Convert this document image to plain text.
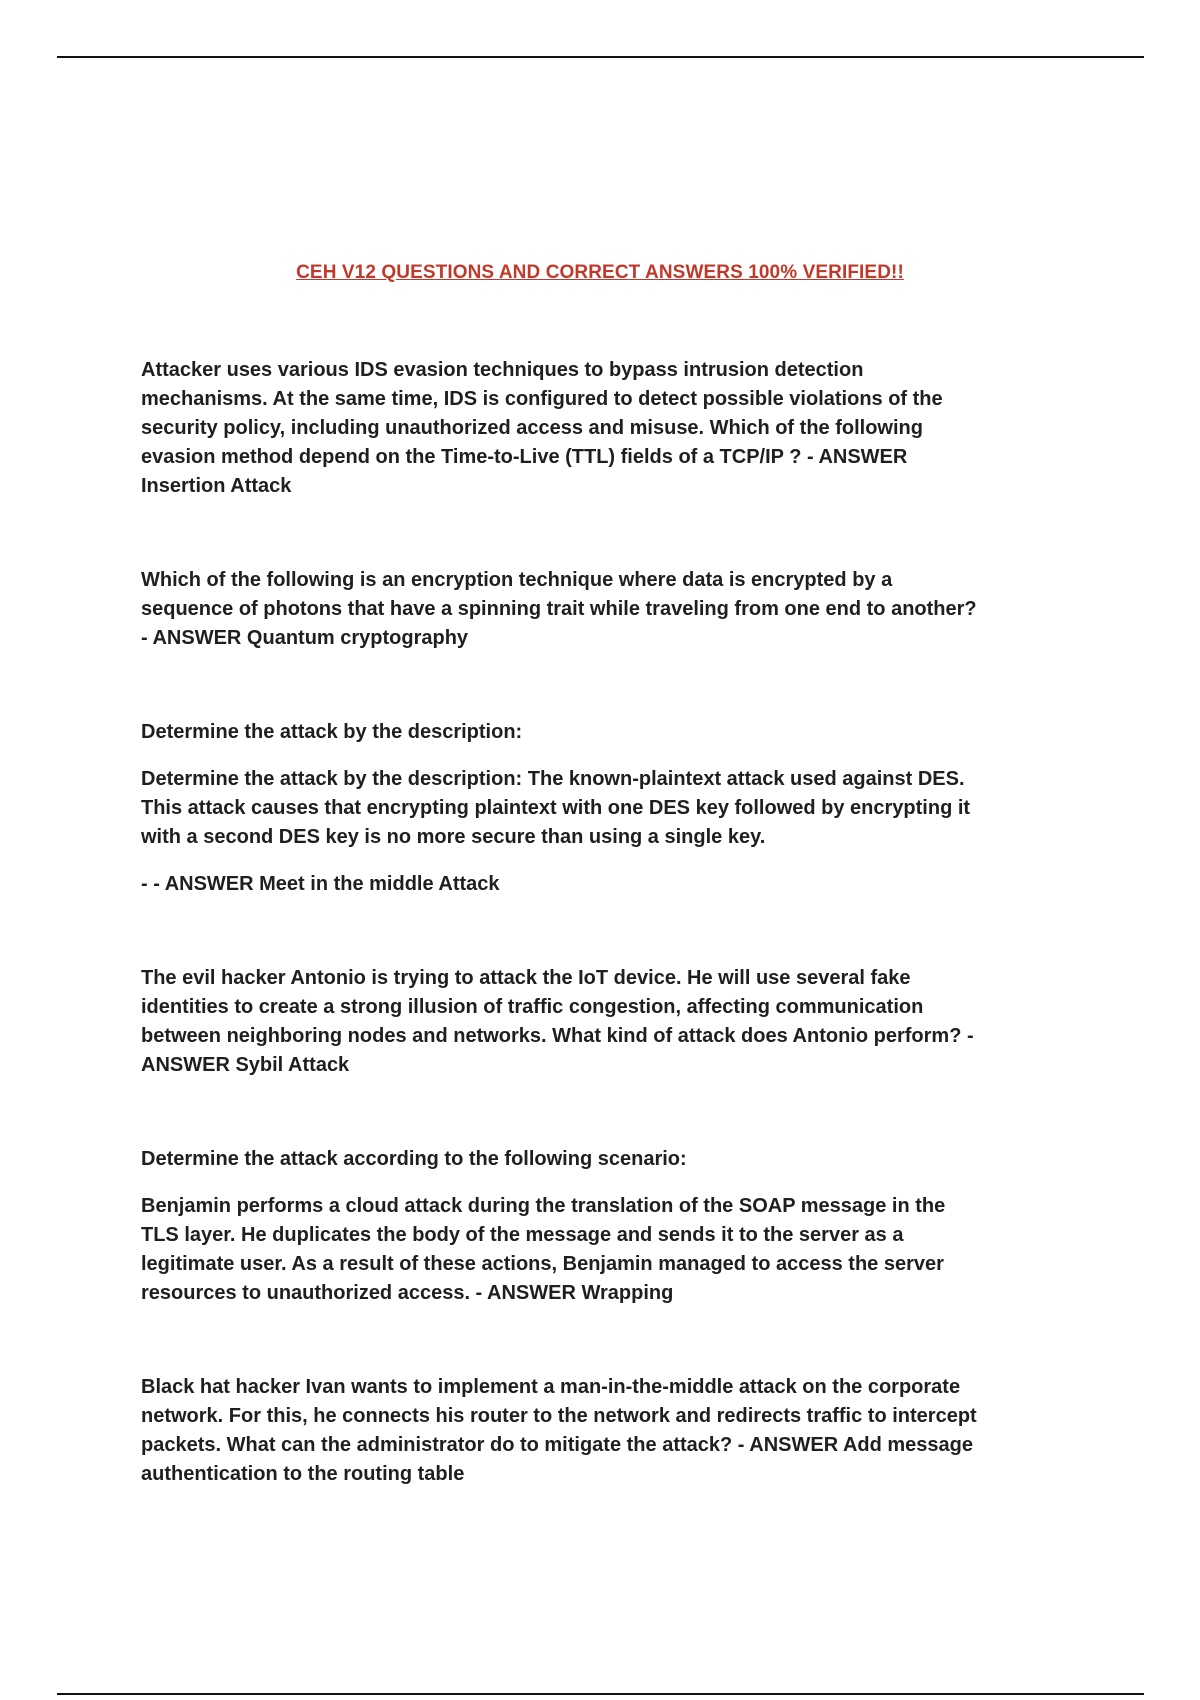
CEH V12 QUESTIONS AND CORRECT ANSWERS 100% VERIFIED!!

Attacker uses various IDS evasion techniques to bypass intrusion detection
mechanisms. At the same time, IDS is configured to detect possible violations of the
security policy, including unauthorized access and misuse. Which of the following
evasion method depend on the Time-to-Live (TTL) fields of a TCP/IP ? - ANSWER
Insertion Attack

Which of the following is an encryption technique where data is encrypted by a
sequence of photons that have a spinning trait while traveling from one end to another?
- ANSWER Quantum cryptography

Determine the attack by the description:

Determine the attack by the description: The known-plaintext attack used against DES.
This attack causes that encrypting plaintext with one DES key followed by encrypting it
with a second DES key is no more secure than using a single key.

- - ANSWER Meet in the middle Attack

The evil hacker Antonio is trying to attack the IoT device. He will use several fake
identities to create a strong illusion of traffic congestion, affecting communication
between neighboring nodes and networks. What kind of attack does Antonio perform? -
ANSWER Sybil Attack

Determine the attack according to the following scenario:

Benjamin performs a cloud attack during the translation of the SOAP message in the
TLS layer. He duplicates the body of the message and sends it to the server as a
legitimate user. As a result of these actions, Benjamin managed to access the server
resources to unauthorized access. - ANSWER Wrapping

Black hat hacker Ivan wants to implement a man-in-the-middle attack on the corporate
network. For this, he connects his router to the network and redirects traffic to intercept
packets. What can the administrator do to mitigate the attack? - ANSWER Add message
authentication to the routing table
